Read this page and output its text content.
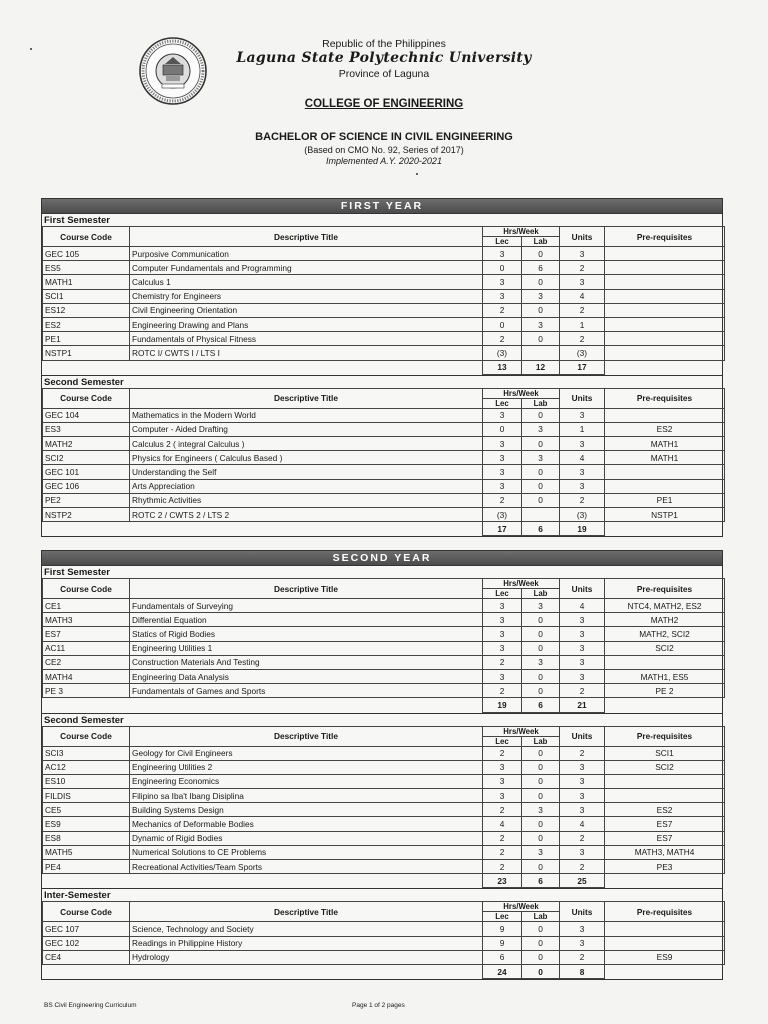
Republic of the Philippines
Laguna State Polytechnic University
Province of Laguna
COLLEGE OF ENGINEERING
BACHELOR OF SCIENCE IN CIVIL ENGINEERING
(Based on CMO No. 92, Series of 2017)
Implemented A.Y. 2020-2021
FIRST YEAR
First Semester
Course Code	Descriptive Title	Hrs/Week		Units	Pre-requisites
		Lec	Lab		
GEC 105	Purposive Communication	3	0	3	
ES5	Computer Fundamentals and Programming	0	6	2	
MATH1	Calculus 1	3	0	3	
SCI1	Chemistry for Engineers	3	3	4	
ES12	Civil Engineering Orientation	2	0	2	
ES2	Engineering Drawing and Plans	0	3	1	
PE1	Fundamentals of Physical Fitness	2	0	2	
NSTP1	ROTC I/ CWTS I / LTS I	(3)		(3)	
		13	12	17	
Second Semester
Course Code	Descriptive Title	Hrs/Week		Units	Pre-requisites
		Lec	Lab		
GEC 104	Mathematics in the Modern World	3	0	3	
ES3	Computer - Aided Drafting	0	3	1	ES2
MATH2	Calculus 2 ( integral Calculus )	3	0	3	MATH1
SCI2	Physics for Engineers ( Calculus Based )	3	3	4	MATH1
GEC 101	Understanding the Self	3	0	3	
GEC 106	Arts Appreciation	3	0	3	
PE2	Rhythmic Activities	2	0	2	PE1
NSTP2	ROTC 2 / CWTS 2 / LTS 2	(3)		(3)	NSTP1
		17	6	19	
SECOND YEAR
First Semester
Course Code	Descriptive Title	Hrs/Week		Units	Pre-requisites
		Lec	Lab		
CE1	Fundamentals of Surveying	3	3	4	NTC4, MATH2, ES2
MATH3	Differential Equation	3	0	3	MATH2
ES7	Statics of Rigid Bodies	3	0	3	MATH2, SCI2
AC11	Engineering Utilities 1	3	0	3	SCI2
CE2	Construction Materials And Testing	2	3	3	
MATH4	Engineering Data Analysis	3	0	3	MATH1, ES5
PE 3	Fundamentals of Games and Sports	2	0	2	PE 2
		19	6	21	
Second Semester
Course Code	Descriptive Title	Hrs/Week		Units	Pre-requisites
		Lec	Lab		
SCI3	Geology for Civil Engineers	2	0	2	SCI1
AC12	Engineering Utilities 2	3	0	3	SCI2
ES10	Engineering Economics	3	0	3	
FILDIS	Filipino sa Iba't Ibang Disiplina	3	0	3	
CE5	Building Systems Design	2	3	3	ES2
ES9	Mechanics of Deformable Bodies	4	0	4	ES7
ES8	Dynamic of Rigid Bodies	2	0	2	ES7
MATH5	Numerical Solutions to CE Problems	2	3	3	MATH3, MATH4
PE4	Recreational Activities/Team Sports	2	0	2	PE3
		23	6	25	
Inter-Semester
Course Code	Descriptive Title	Hrs/Week		Units	Pre-requisites
		Lec	Lab		
GEC 107	Science, Technology and Society	9	0	3	
GEC 102	Readings in Philippine History	9	0	3	
CE4	Hydrology	6	0	2	ES9
		24	0	8	
BS Civil Engineering Curriculum	Page 1 of 2 pages
